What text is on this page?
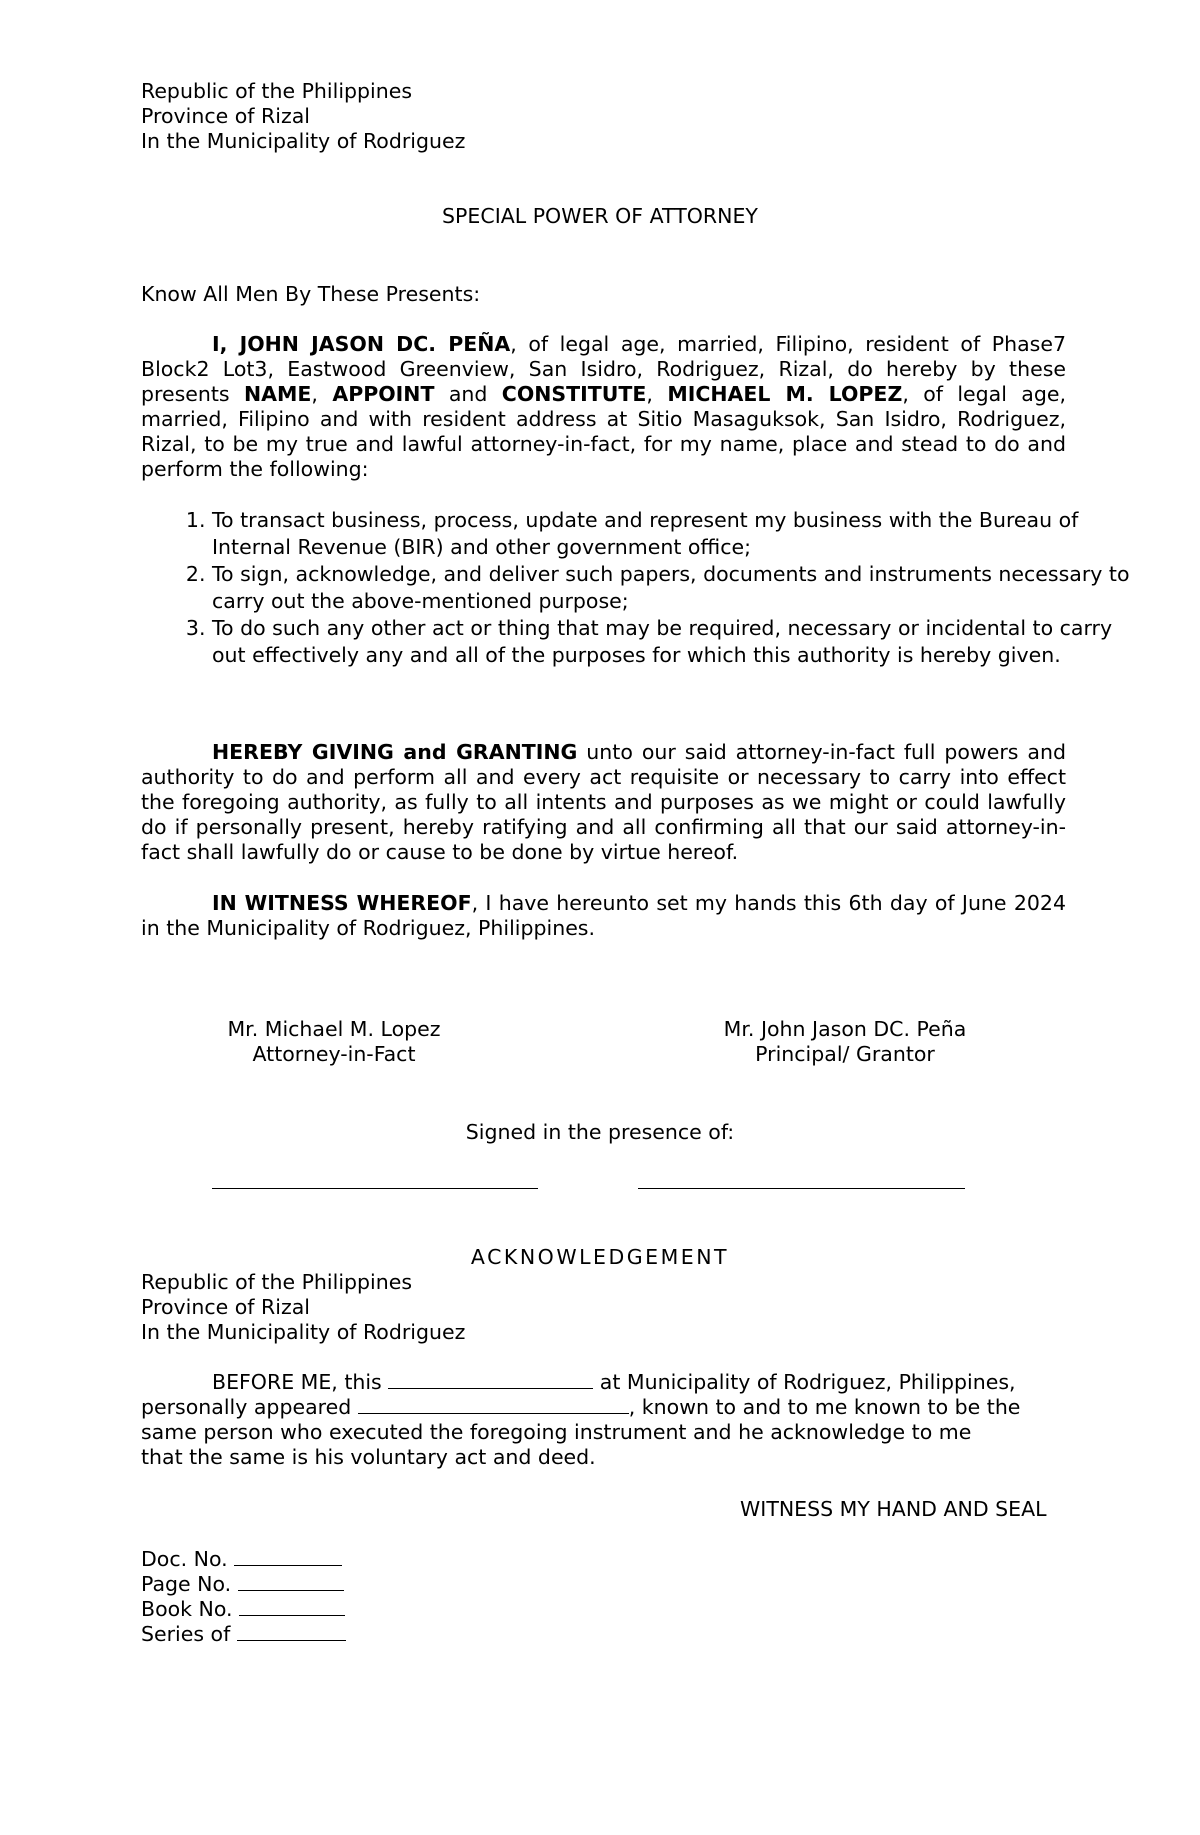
Republic of the Philippines
Province of Rizal
In the Municipality of Rodriguez
SPECIAL POWER OF ATTORNEY
Know All Men By These Presents:
I, JOHN JASON DC. PEÑA, of legal age, married, Filipino, resident of Phase7 Block2 Lot3, Eastwood Greenview, San Isidro, Rodriguez, Rizal, do hereby by these presents NAME, APPOINT and CONSTITUTE, MICHAEL M. LOPEZ, of legal age, married, Filipino and with resident address at Sitio Masaguksok, San Isidro, Rodriguez, Rizal, to be my true and lawful attorney-in-fact, for my name, place and stead to do and perform the following:
1. To transact business, process, update and represent my business with the Bureau of Internal Revenue (BIR) and other government office;
2. To sign, acknowledge, and deliver such papers, documents and instruments necessary to carry out the above-mentioned purpose;
3. To do such any other act or thing that may be required, necessary or incidental to carry out effectively any and all of the purposes for which this authority is hereby given.
HEREBY GIVING and GRANTING unto our said attorney-in-fact full powers and authority to do and perform all and every act requisite or necessary to carry into effect the foregoing authority, as fully to all intents and purposes as we might or could lawfully do if personally present, hereby ratifying and all confirming all that our said attorney-in-fact shall lawfully do or cause to be done by virtue hereof.
IN WITNESS WHEREOF, I have hereunto set my hands this 6th day of June 2024 in the Municipality of Rodriguez, Philippines.
Mr. Michael M. Lopez
Attorney-in-Fact
Mr. John Jason DC. Peña
Principal/ Grantor
Signed in the presence of:
ACKNOWLEDGEMENT
Republic of the Philippines
Province of Rizal
In the Municipality of Rodriguez
BEFORE ME, this	at Municipality of Rodriguez, Philippines,
personally appeared	, known to and to me known to be the
same person who executed the foregoing instrument and he acknowledge to me
that the same is his voluntary act and deed.
WITNESS MY HAND AND SEAL
Doc. No.
Page No.
Book No.
Series of
